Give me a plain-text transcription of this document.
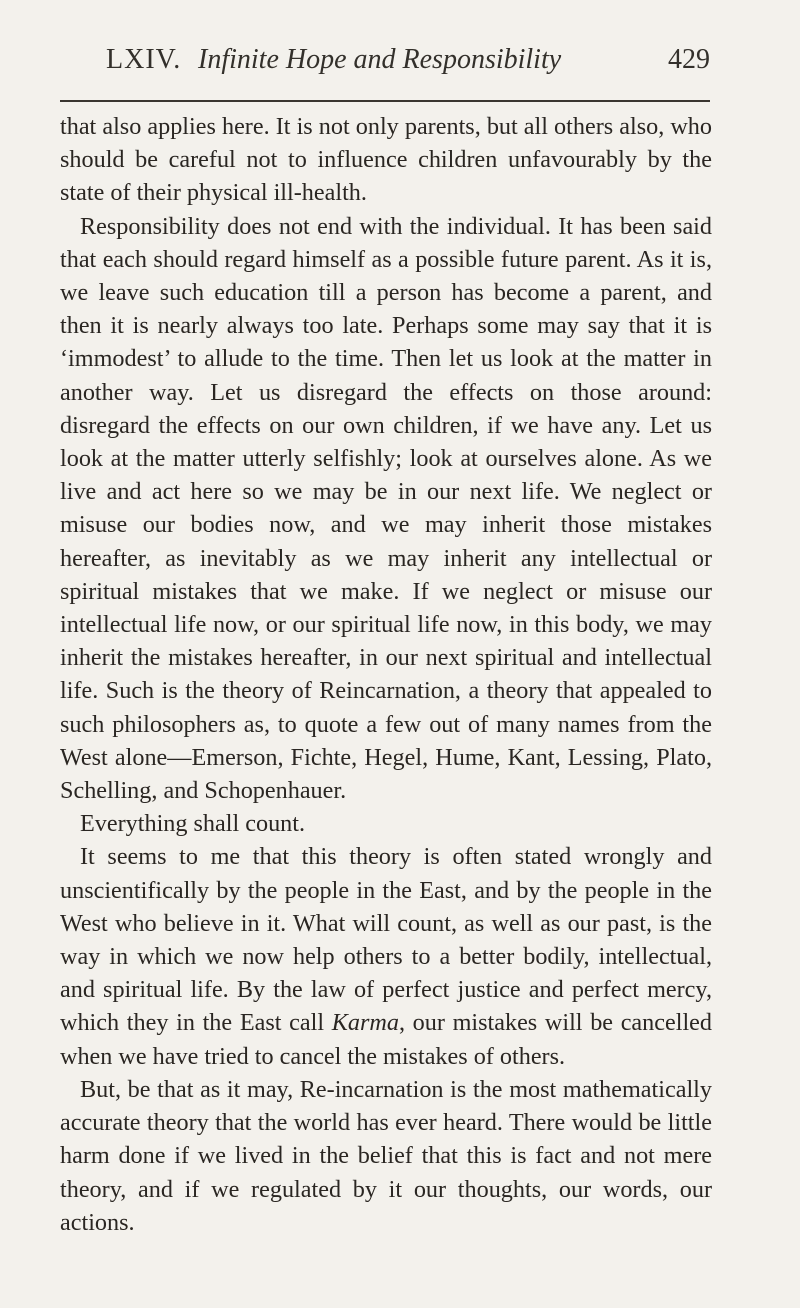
LXIV. Infinite Hope and Responsibility	429

that also applies here. It is not only parents, but all others also, who should be careful not to influence children unfavourably by the state of their physical ill-health.

Responsibility does not end with the individual. It has been said that each should regard himself as a possible future parent. As it is, we leave such education till a person has become a parent, and then it is nearly always too late. Perhaps some may say that it is ‘immodest’ to allude to the time. Then let us look at the matter in another way. Let us disregard the effects on those around: disregard the effects on our own children, if we have any. Let us look at the matter utterly selfishly; look at ourselves alone. As we live and act here so we may be in our next life. We neglect or misuse our bodies now, and we may inherit those mistakes hereafter, as inevitably as we may inherit any intellectual or spiritual mistakes that we make. If we neglect or misuse our intellectual life now, or our spiritual life now, in this body, we may inherit the mistakes hereafter, in our next spiritual and intellectual life. Such is the theory of Reincarnation, a theory that appealed to such philosophers as, to quote a few out of many names from the West alone—Emerson, Fichte, Hegel, Hume, Kant, Lessing, Plato, Schelling, and Schopenhauer.

Everything shall count.

It seems to me that this theory is often stated wrongly and unscientifically by the people in the East, and by the people in the West who believe in it. What will count, as well as our past, is the way in which we now help others to a better bodily, intellectual, and spiritual life. By the law of perfect justice and perfect mercy, which they in the East call Karma, our mistakes will be cancelled when we have tried to cancel the mistakes of others.

But, be that as it may, Re-incarnation is the most mathematically accurate theory that the world has ever heard. There would be little harm done if we lived in the belief that this is fact and not mere theory, and if we regulated by it our thoughts, our words, our actions.
